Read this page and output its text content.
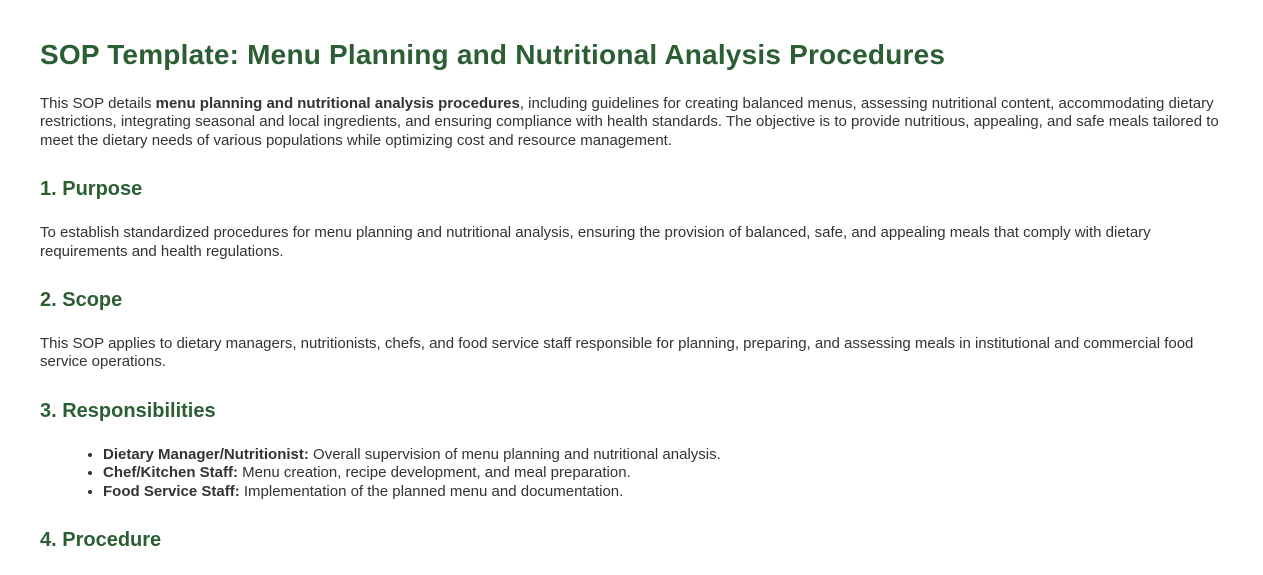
SOP Template: Menu Planning and Nutritional Analysis Procedures

This SOP details menu planning and nutritional analysis procedures, including guidelines for creating balanced menus, assessing nutritional content, accommodating dietary restrictions, integrating seasonal and local ingredients, and ensuring compliance with health standards. The objective is to provide nutritious, appealing, and safe meals tailored to meet the dietary needs of various populations while optimizing cost and resource management.

1. Purpose

To establish standardized procedures for menu planning and nutritional analysis, ensuring the provision of balanced, safe, and appealing meals that comply with dietary requirements and health regulations.

2. Scope

This SOP applies to dietary managers, nutritionists, chefs, and food service staff responsible for planning, preparing, and assessing meals in institutional and commercial food service operations.

3. Responsibilities
• Dietary Manager/Nutritionist: Overall supervision of menu planning and nutritional analysis.
• Chef/Kitchen Staff: Menu creation, recipe development, and meal preparation.
• Food Service Staff: Implementation of the planned menu and documentation.
4. Procedure
